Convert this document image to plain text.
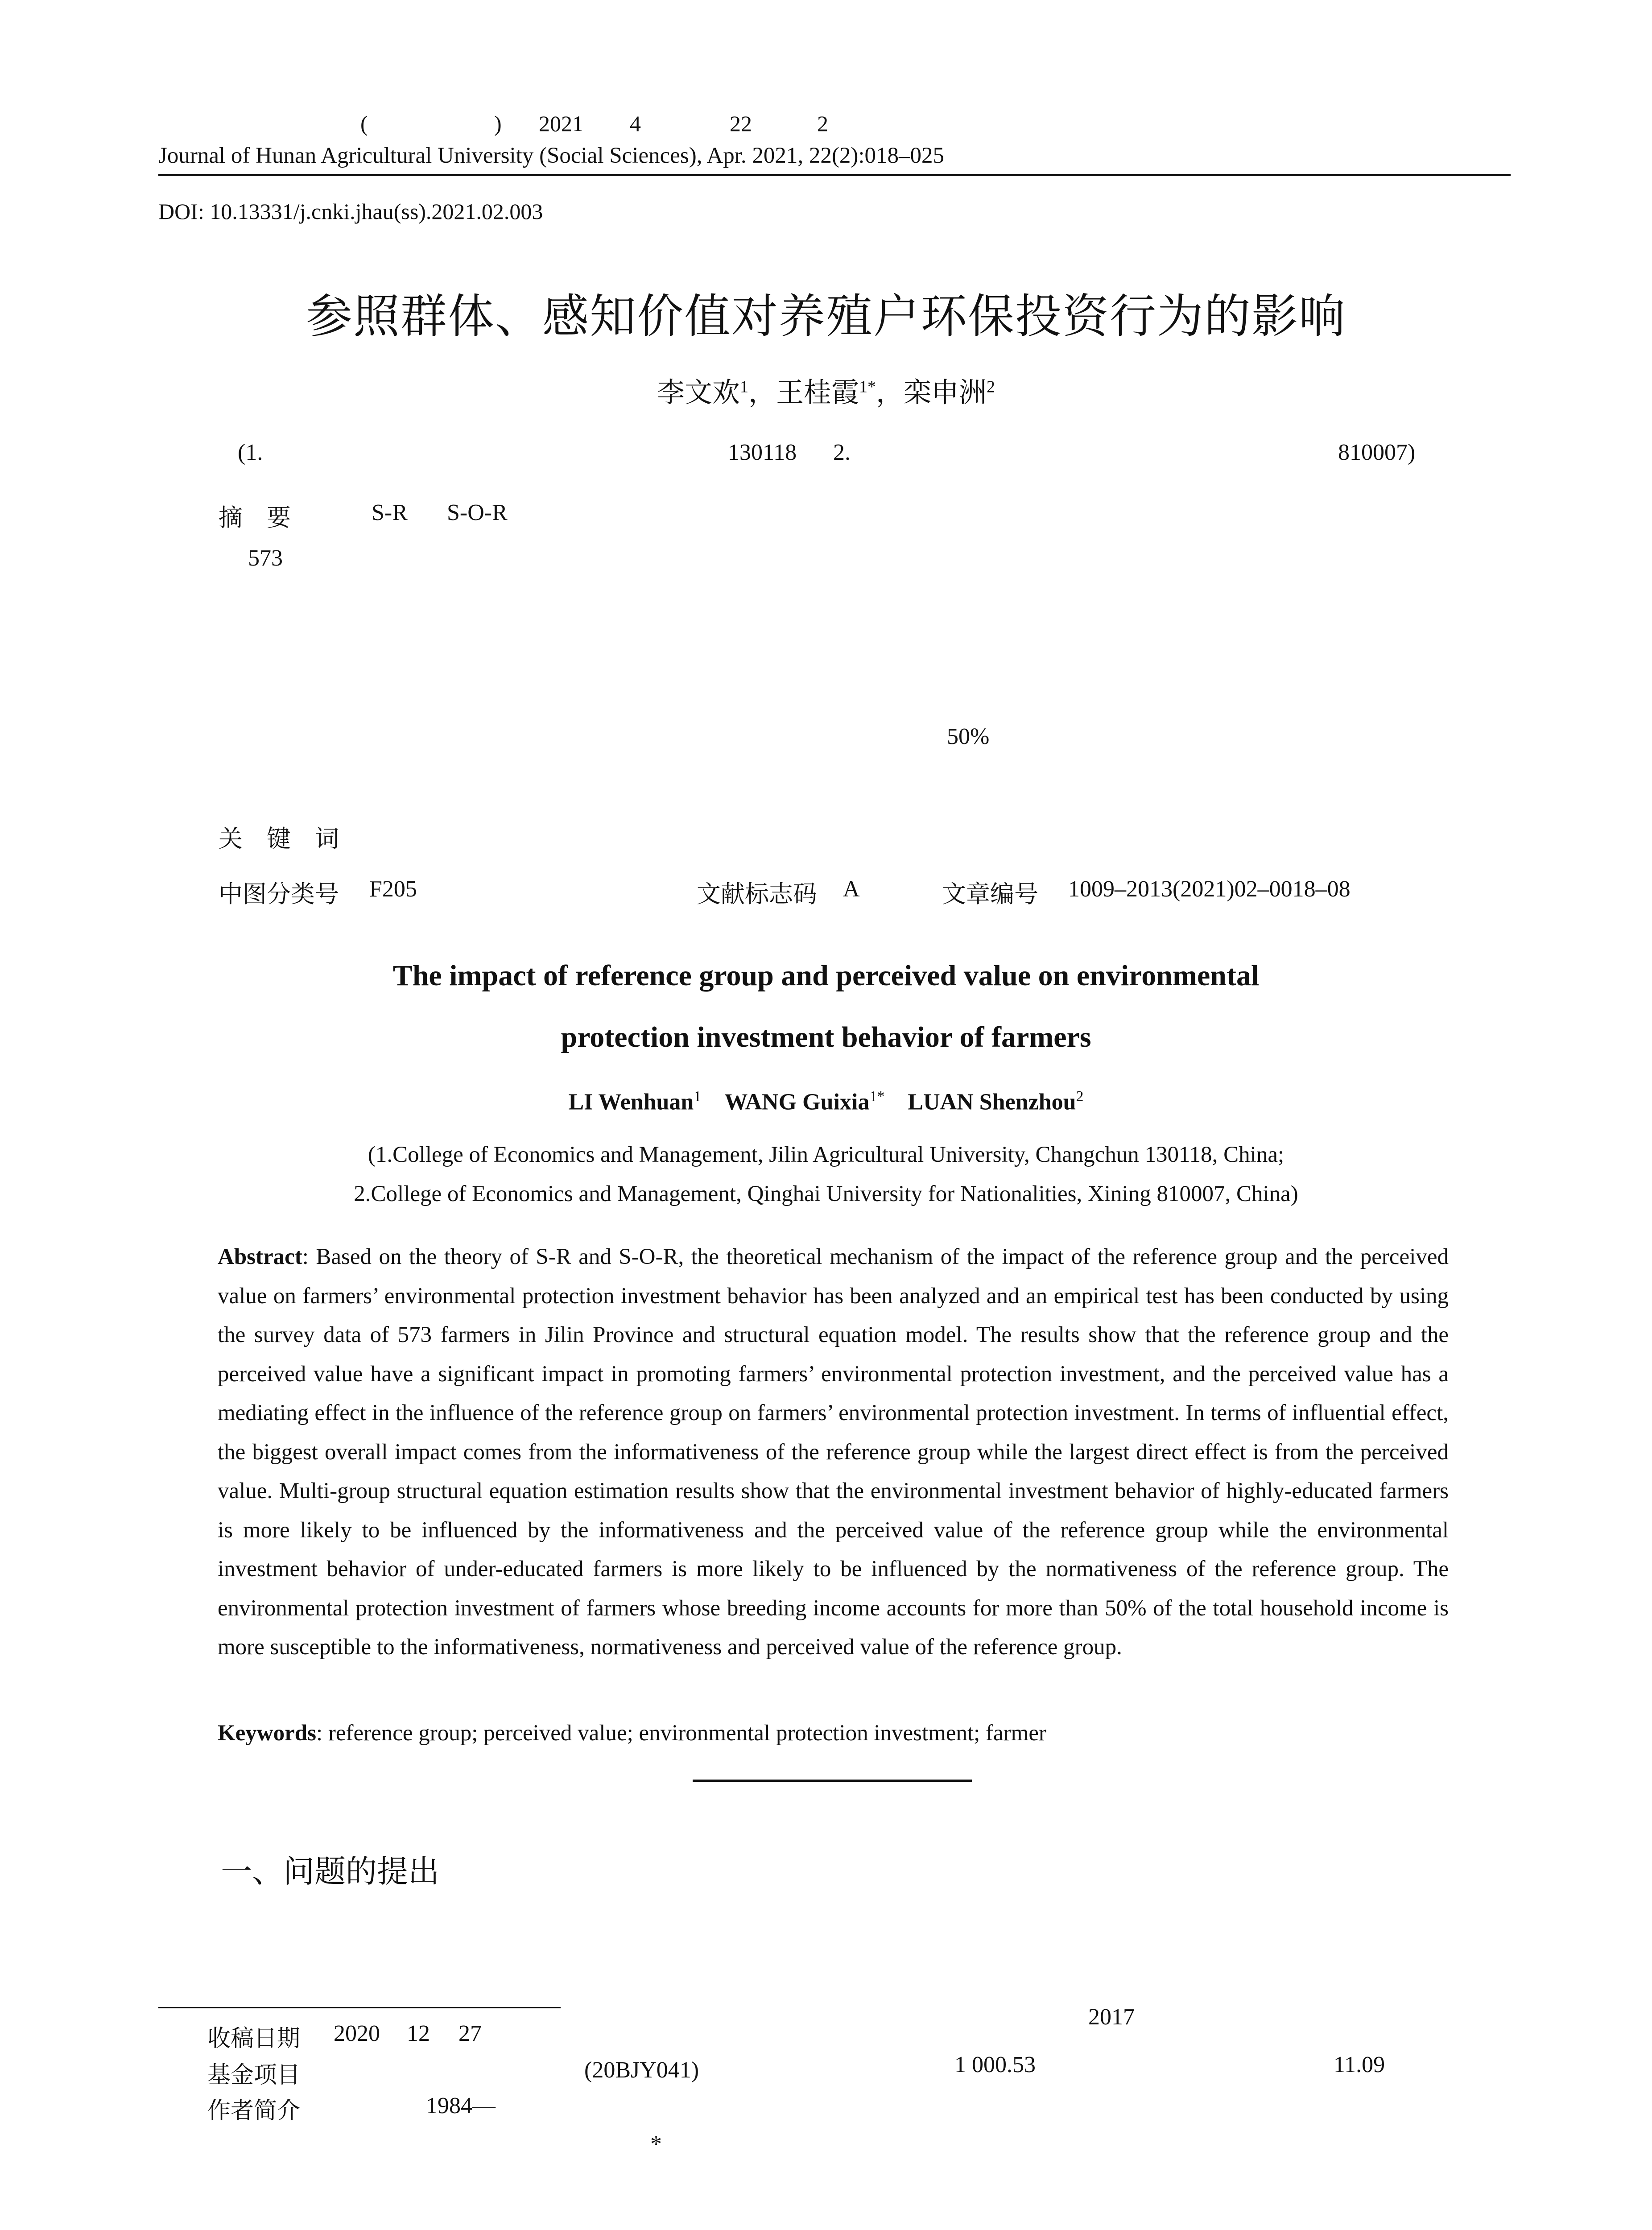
(	) 2021 4	22	2
Journal of Hunan Agricultural University (Social Sciences), Apr. 2021, 22(2):018–025
DOI: 10.13331/j.cnki.jhau(ss).2021.02.003
参照群体、感知价值对养殖户环保投资行为的影响
李文欢$^1$，王桂霞$^{1*}$，栾申洲$^2$
(1.	130118 2.	810007)
摘　要	S-R S-O-R
573
50%
关　键　词
中图分类号 F205	文献标志码 A	文章编号 1009–2013(2021)02–0018–08
The impact of reference group and perceived value on environmental
protection investment behavior of farmers
LI Wenhuan$^1$ WANG Guixia$^{1*}$ LUAN Shenzhou$^2$
(1.College of Economics and Management, Jilin Agricultural University, Changchun 130118, China;
2.College of Economics and Management, Qinghai University for Nationalities, Xining 810007, China)
Abstract: Based on the theory of S-R and S-O-R, the theoretical mechanism of the impact of the reference group and the perceived value on farmers’ environmental protection investment behavior has been analyzed and an empirical test has been conducted by using the survey data of 573 farmers in Jilin Province and structural equation model. The results show that the reference group and the perceived value have a significant impact in promoting farmers’ environmental protection investment, and the perceived value has a mediating effect in the influence of the reference group on farmers’ environmental protection investment. In terms of influential effect, the biggest overall impact comes from the informativeness of the reference group while the largest direct effect is from the perceived value. Multi-group structural equation estimation results show that the environmental investment behavior of highly-educated farmers is more likely to be influenced by the informativeness and the perceived value of the reference group while the environmental investment behavior of under-educated farmers is more likely to be influenced by the normativeness of the reference group. The environmental protection investment of farmers whose breeding income accounts for more than 50% of the total household income is more susceptible to the informativeness, normativeness and perceived value of the reference group.
Keywords: reference group; perceived value; environmental protection investment; farmer
一、问题的提出
2017
1 000.53	11.09
收稿日期 2020 12 27
基金项目	(20BJY041)
作者简介	1984—
*
